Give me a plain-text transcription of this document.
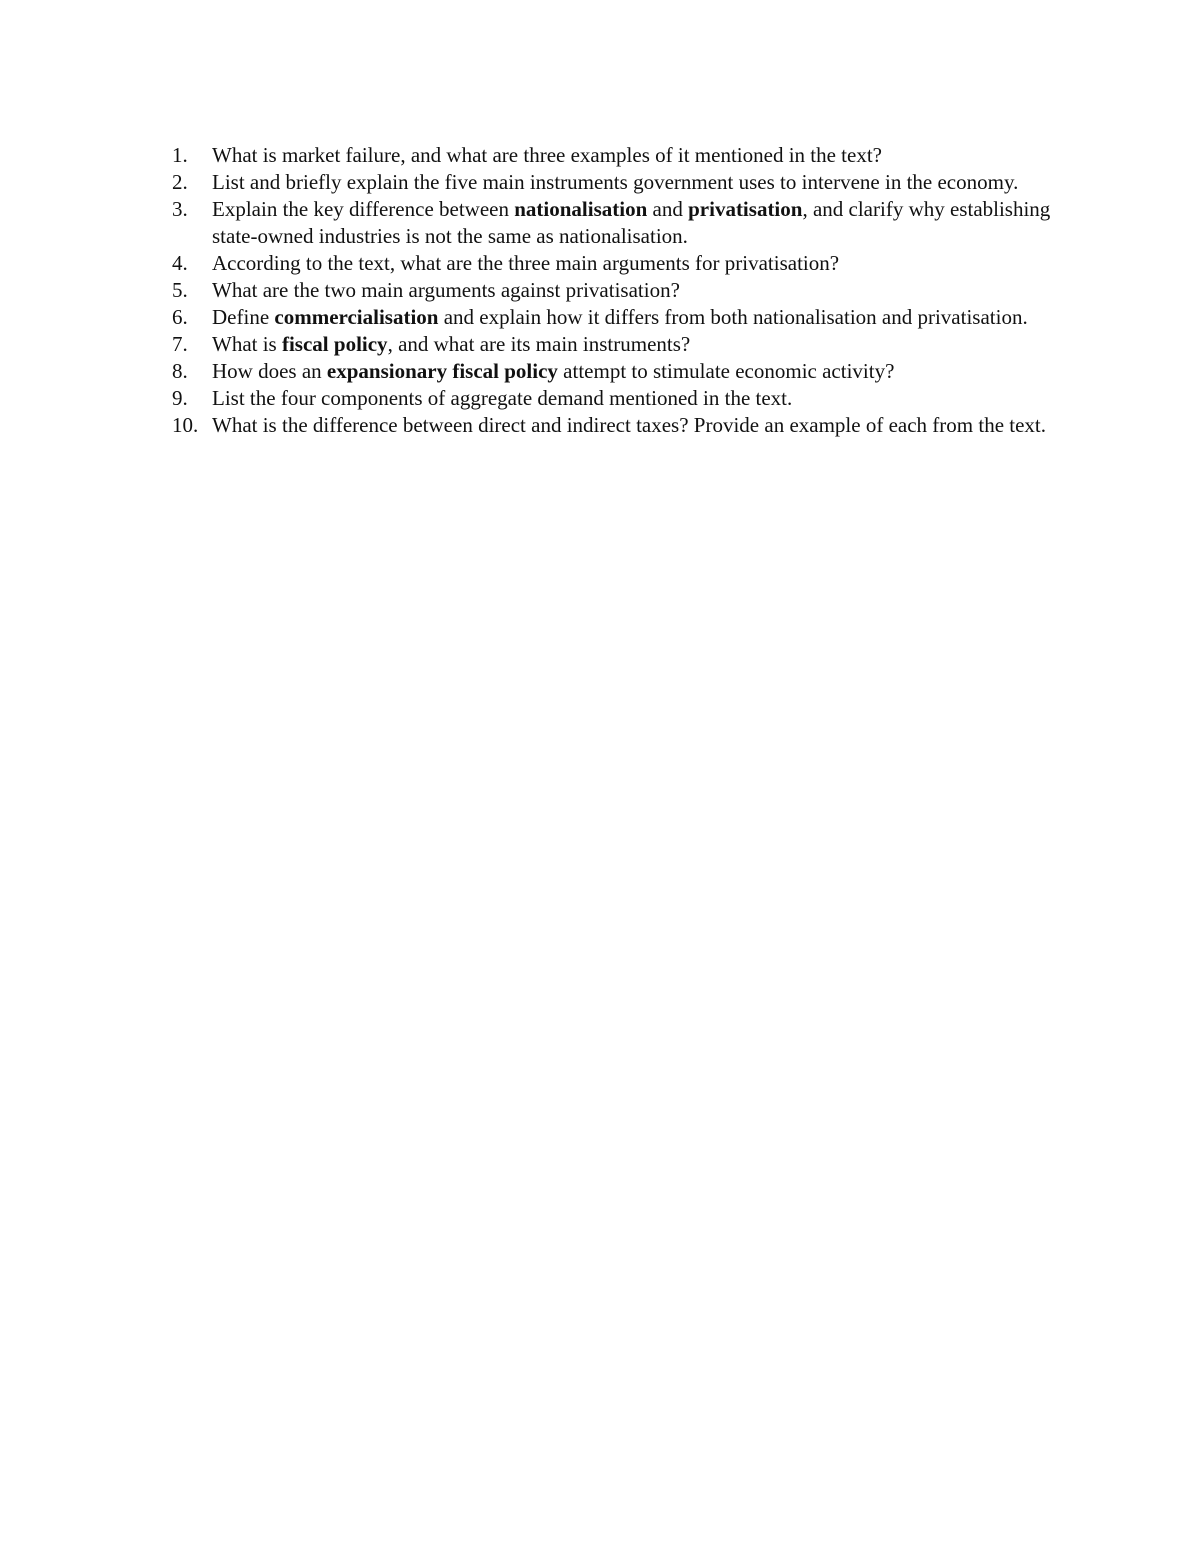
1.	What is market failure, and what are three examples of it mentioned in the text?
2.	List and briefly explain the five main instruments government uses to intervene in the economy.
3.	Explain the key difference between nationalisation and privatisation, and clarify why establishing state-owned industries is not the same as nationalisation.
4.	According to the text, what are the three main arguments for privatisation?
5.	What are the two main arguments against privatisation?
6.	Define commercialisation and explain how it differs from both nationalisation and privatisation.
7.	What is fiscal policy, and what are its main instruments?
8.	How does an expansionary fiscal policy attempt to stimulate economic activity?
9.	List the four components of aggregate demand mentioned in the text.
10. What is the difference between direct and indirect taxes? Provide an example of each from the text.
